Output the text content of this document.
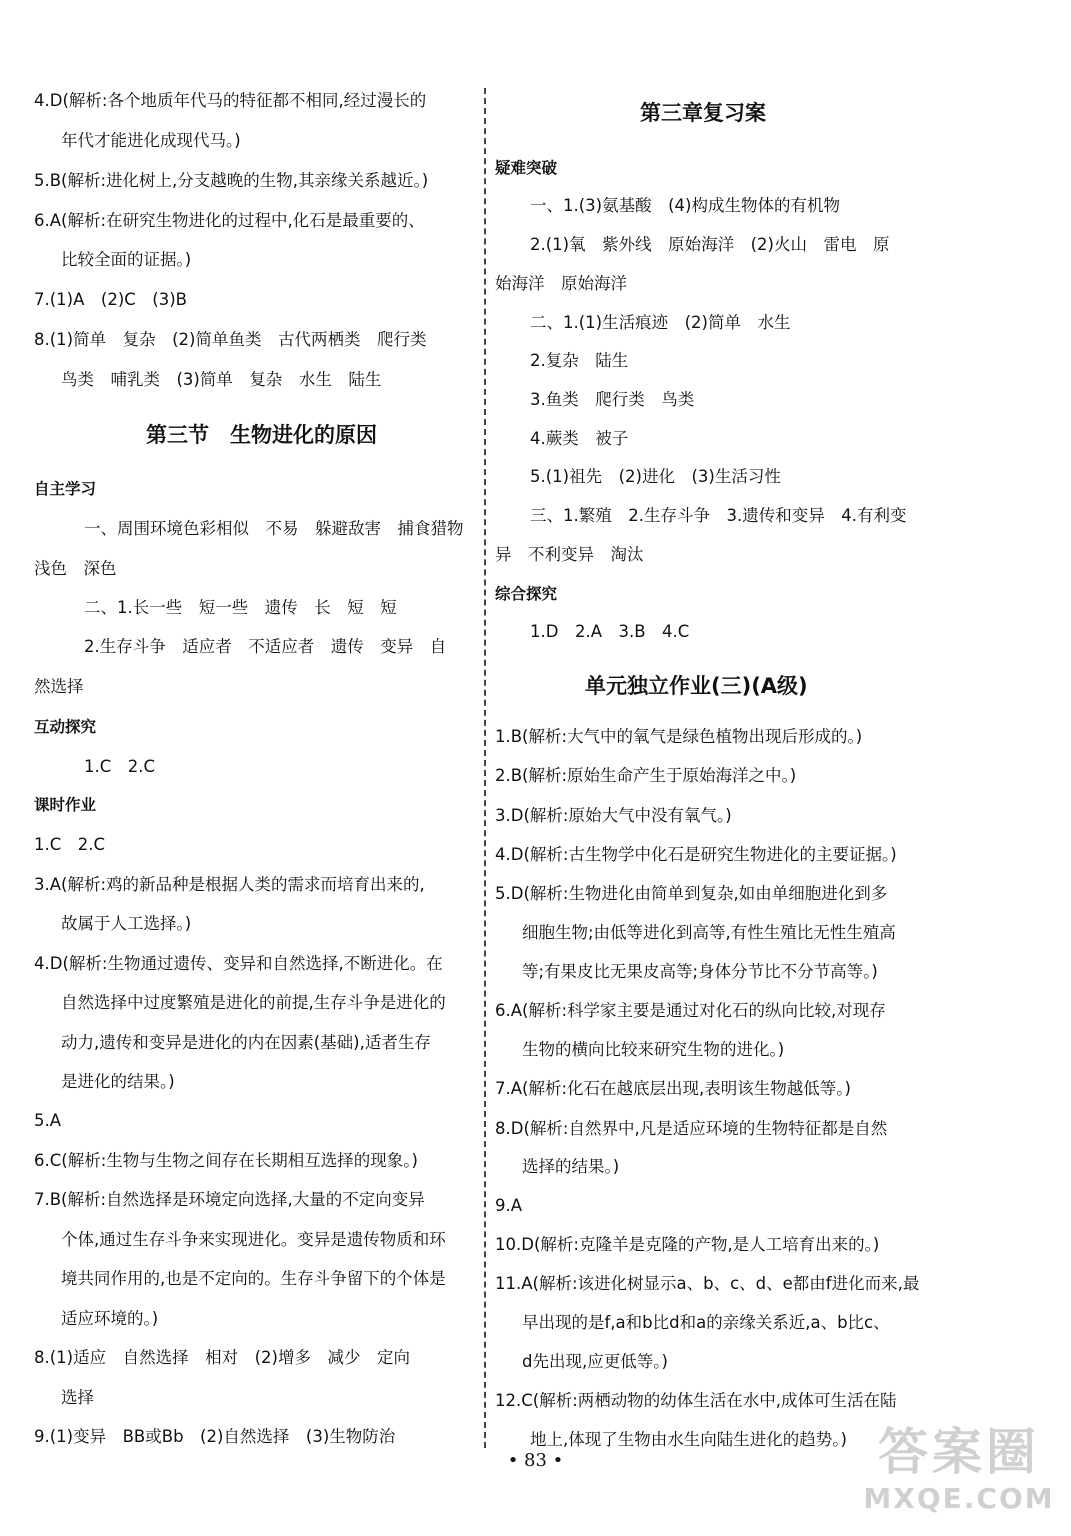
4.D(解析:各个地质年代马的特征都不相同,经过漫长的
年代才能进化成现代马。)
5.B(解析:进化树上,分支越晚的生物,其亲缘关系越近。)
6.A(解析:在研究生物进化的过程中,化石是最重要的、
比较全面的证据。)
7.(1)A　(2)C　(3)B
8.(1)简单　复杂　(2)简单鱼类　古代两栖类　爬行类
鸟类　哺乳类　(3)简单　复杂　水生　陆生
第三节　生物进化的原因
自主学习
一、周围环境色彩相似　不易　躲避敌害　捕食猎物
浅色　深色
二、1.长一些　短一些　遗传　长　短　短
2.生存斗争　适应者　不适应者　遗传　变异　自
然选择
互动探究
1.C　2.C
课时作业
1.C　2.C
3.A(解析:鸡的新品种是根据人类的需求而培育出来的,
故属于人工选择。)
4.D(解析:生物通过遗传、变异和自然选择,不断进化。在
自然选择中过度繁殖是进化的前提,生存斗争是进化的
动力,遗传和变异是进化的内在因素(基础),适者生存
是进化的结果。)
5.A
6.C(解析:生物与生物之间存在长期相互选择的现象。)
7.B(解析:自然选择是环境定向选择,大量的不定向变异
个体,通过生存斗争来实现进化。变异是遗传物质和环
境共同作用的,也是不定向的。生存斗争留下的个体是
适应环境的。)
8.(1)适应　自然选择　相对　(2)增多　减少　定向
选择
9.(1)变异　BB或Bb　(2)自然选择　(3)生物防治
第三章复习案
疑难突破
一、1.(3)氨基酸　(4)构成生物体的有机物
2.(1)氧　紫外线　原始海洋　(2)火山　雷电　原
始海洋　原始海洋
二、1.(1)生活痕迹　(2)简单　水生
2.复杂　陆生
3.鱼类　爬行类　鸟类
4.蕨类　被子
5.(1)祖先　(2)进化　(3)生活习性
三、1.繁殖　2.生存斗争　3.遗传和变异　4.有利变
异　不利变异　淘汰
综合探究
1.D　2.A　3.B　4.C
单元独立作业(三)(A级)
1.B(解析:大气中的氧气是绿色植物出现后形成的。)
2.B(解析:原始生命产生于原始海洋之中。)
3.D(解析:原始大气中没有氧气。)
4.D(解析:古生物学中化石是研究生物进化的主要证据。)
5.D(解析:生物进化由简单到复杂,如由单细胞进化到多
细胞生物;由低等进化到高等,有性生殖比无性生殖高
等;有果皮比无果皮高等;身体分节比不分节高等。)
6.A(解析:科学家主要是通过对化石的纵向比较,对现存
生物的横向比较来研究生物的进化。)
7.A(解析:化石在越底层出现,表明该生物越低等。)
8.D(解析:自然界中,凡是适应环境的生物特征都是自然
选择的结果。)
9.A
10.D(解析:克隆羊是克隆的产物,是人工培育出来的。)
11.A(解析:该进化树显示a、b、c、d、e都由f进化而来,最
早出现的是f,a和b比d和a的亲缘关系近,a、b比c、
d先出现,应更低等。)
12.C(解析:两栖动物的幼体生活在水中,成体可生活在陆
地上,体现了生物由水生向陆生进化的趋势。)
• 83 •	答案圈
MXQE.COM
